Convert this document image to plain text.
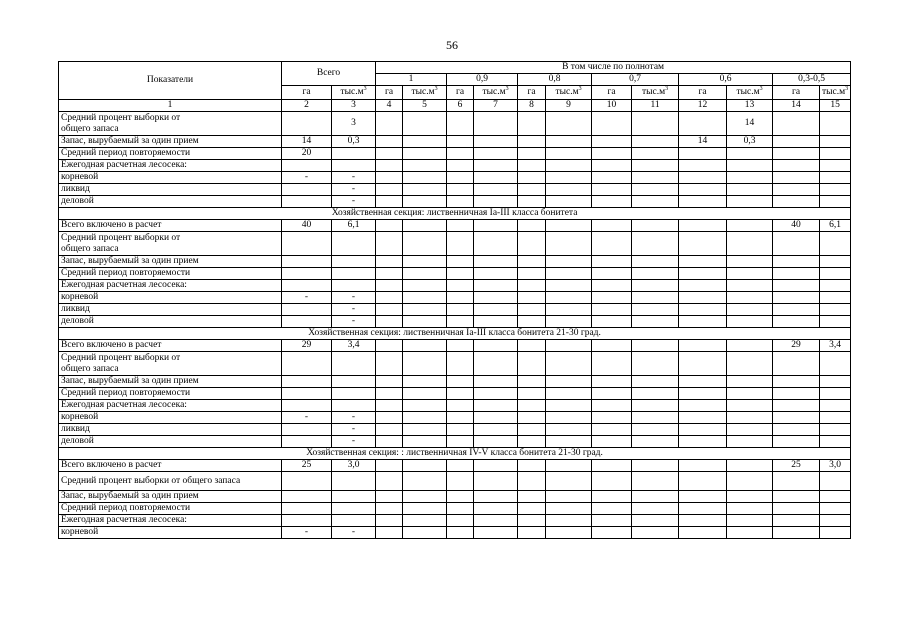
56
Показатели	Всего		В том числе по полнотам											
			1		0,9		0,8		0,7		0,6		0,3-0,5	
	га	$тыс.м^3$	га	$тыс.м^3$	га	$тыс.м^3$	га	$тыс.м^3$	га	$тыс.м^3$	га	$тыс.м^3$	га	$тыс.м^3$
1	2	3	4	5	6	7	8	9	10	11	12	13	14	15
Средний процент выборки от общего запаса		3										14		
Запас, вырубаемый за один прием	14	0,3									14	0,3		
Средний период повторяемости	20													
Ежегодная расчетная лесосека:														
корневой	-	-												
ликвид		-												
деловой		-												
Хозяйственная секция: лиственничная Iа-III класса бонитета														
Всего включено в расчет	40	6,1											40	6,1
Средний процент выборки от общего запаса														
Запас, вырубаемый за один прием														
Средний период повторяемости														
Ежегодная расчетная лесосека:														
корневой	-	-												
ликвид		-												
деловой		-												
Хозяйственная секция: лиственничная Iа-III класса бонитета 21-30 град.														
Всего включено в расчет	29	3,4											29	3,4
Средний процент выборки от общего запаса														
Запас, вырубаемый за один прием														
Средний период повторяемости														
Ежегодная расчетная лесосека:														
корневой	-	-												
ликвид		-												
деловой		-												
Хозяйственная секция: : лиственничная IV-V класса бонитета 21-30 град.														
Всего включено в расчет	25	3,0											25	3,0
Средний процент выборки от общего запаса														
Запас, вырубаемый за один прием														
Средний период повторяемости														
Ежегодная расчетная лесосека:														
корневой	-	-												
